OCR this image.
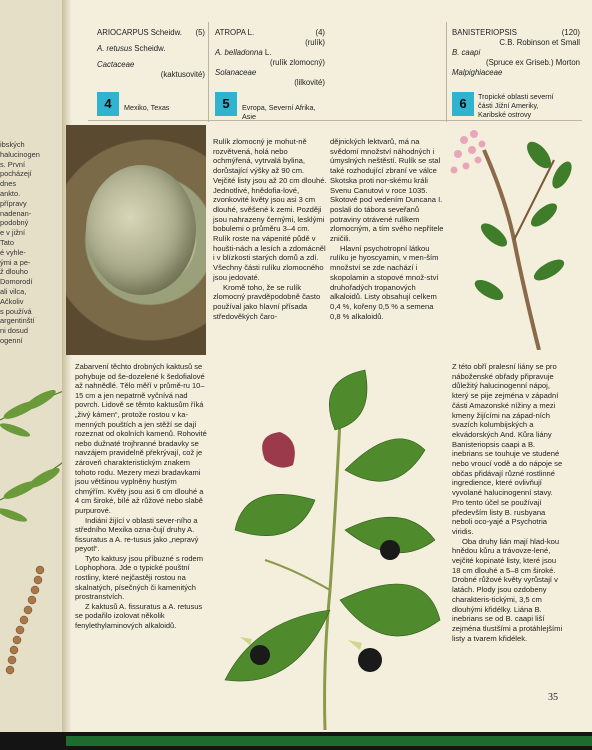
ibských
halucinogen
s. První
pocházejí
dnes
ankto.
přípravy
nadenan-
podobný
e v jižní
Tato
é vyhle-
ými a pe-
ž dlouho
Domorodí
ali vilca,
Ačkoliv
s používá
argentinští
ni dosud
ogenní
ARIOCARPUS Scheidw. (5)
A. retusus Scheidw.
Cactaceae
(kaktusovité)
4	Mexiko, Texas
ATROPA L.	(4)
(rulík)
A. belladonna L.
(rulík zlomocný)
Solanaceae
(lilkovité)
5	Evropa, Severní Afrika, Asie
BANISTERIOPSIS	(120)
C.B. Robinson et Small
B. caapi
(Spruce ex Griseb.) Morton
Malpighiaceae
6	Tropické oblasti severní části Jižní Ameriky, Karibské ostrovy

Zabarvení těchto drobných kaktusů se pohybuje od še-dozelené k šedofialové až nahnědlé. Tělo měří v průmě-ru 10–15 cm a jen nepatrně vyčnívá nad povrch. Lidově se těmto kaktusům říká „živý kámen“, protože rostou v ka-menných pouštích a jen stěží se dají rozeznat od okolních kamenů. Rohovité nebo dužnaté trojhranné bradavky se navzájem pravidelně překrývají, což je zároveň charakteristickým znakem tohoto rodu. Mezery mezi bradavkami jsou většinou vyplněny hustým chmýřím. Květy jsou asi 6 cm dlouhé a 4 cm široké, bílé až růžové nebo slabě purpurové.

Indiáni žijící v oblasti sever-ního a středního Mexika ozna-čují druhy A. fissuratus a A. re-tusus jako „nepravý peyotl“.

Tyto kaktusy jsou příbuzné s rodem Lophophora. Jde o typické pouštní rostliny, které nejčastěji rostou na skalnatých, písečných či kamenitých prostranstvích.

Z kaktusů A. fissuratus a A. retusus se podařilo izolovat několik fenylethylaminových alkaloidů.

Rulík zlomocný je mohut-ně rozvětvená, holá nebo ochmýřená, vytrvalá bylina, dorůstající výšky až 90 cm. Vejčité listy jsou až 20 cm dlouhé. Jednotlivé, hnědofia-lové, zvonkovité květy jsou asi 3 cm dlouhé, svěšené k zemi. Později jsou nahrazeny černými, lesklými bobulemi o průměru 3–4 cm. Rulík roste na vápenité půdě v houšti-nách a lesích a zdomácněl i v blízkosti starých domů a zdí. Všechny části rulíku zlomocného jsou jedovaté.

Kromě toho, že se rulík zlomocný pravděpodobně často používal jako hlavní přísada středověkých čaro-

dějnických lektvarů, má na svědomí množství náhodných i úmyslných neštěstí. Rulík se stal také rozhodující zbraní ve válce Skotska proti nor-skému králi Svenu Canutovi v roce 1035. Skotové pod vedením Duncana I. poslali do tábora seveřanů potraviny otrávené rulíkem zlomocným, a tím svého nepřítele zničili.

Hlavní psychotropní látkou rulíku je hyoscyamin, v men-ším množství se zde nachází i skopolamin a stopové množ-ství druhořadých tropanových alkaloidů. Listy obsahují celkem 0,4 %, kořeny 0,5 % a semena 0,8 % alkaloidů.

Z této obří pralesní liány se pro náboženské obřady připravuje důležitý halucinogenní nápoj, který se pije zejména v západní části Amazonské nížiny a mezi kmeny žijícími na západ-ních svazích kolumbijských a ekvádorských And. Kůra liány Banisteriopsis caapi a B. inebrians se touhuje ve studené nebo vroucí vodě a do nápoje se občas přidávají různé rostlinné ingredience, které ovlivňují vyvolané halucinogenní stavy. Pro tento účel se používají především listy B. rusbyana neboli oco-yajé a Psychotria viridis.

Oba druhy lián mají hlad-kou hnědou kůru a trávovze-lené, vejčité kopinaté listy, které jsou 18 cm dlouhé a 5–8 cm široké. Drobné růžové květy vyrůstají v latách. Plody jsou ozdobeny charakteris-tickými, 3,5 cm dlouhými křidélky. Liána B. inebrians se od B. caapi liší zejména tlustšími a protáhlejšími listy a tvarem křidélek.

35
